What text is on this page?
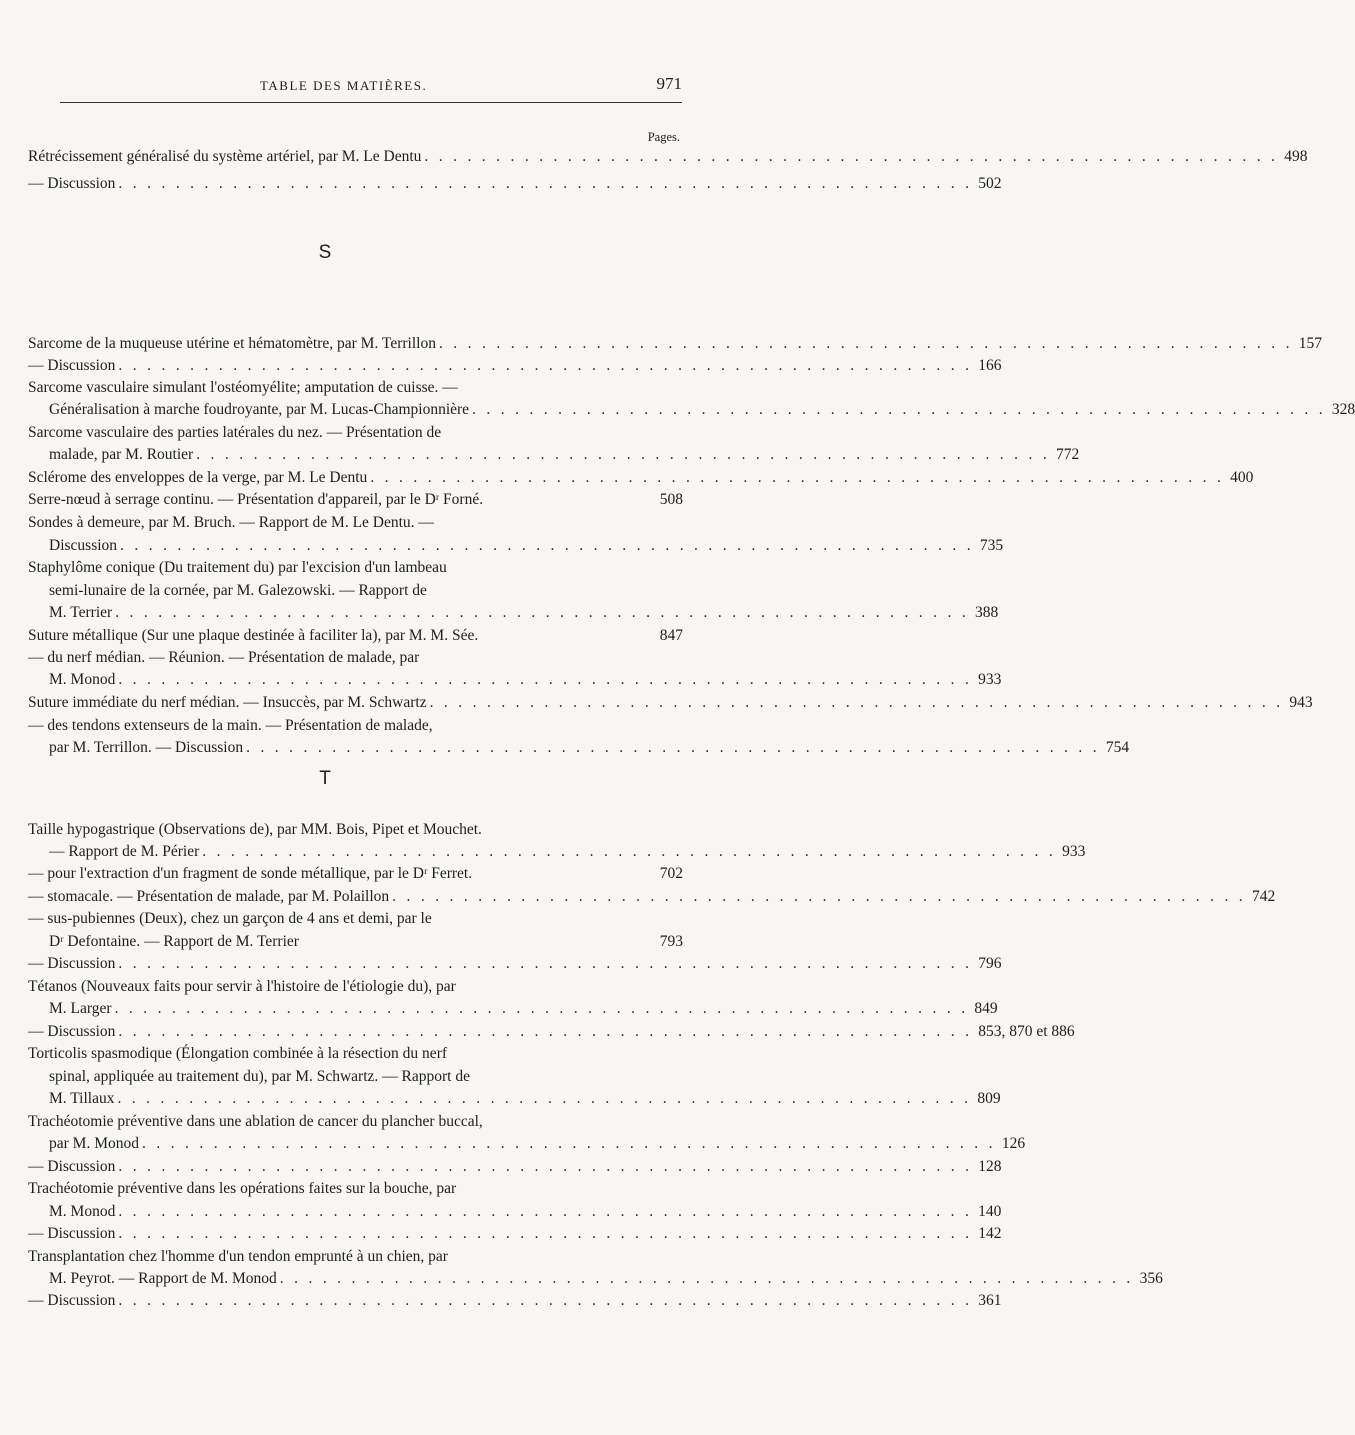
TABLE DES MATIÈRES.	971
Pages.
S
T
Rétrécissement généralisé du système artériel, par M. Le Dentu . . . . . . . . . . . . . . . . . . . . . . . . . . . . . . . . . . . . . . . . . . . . . . . . . . . . . . . . . . . . 498
— Discussion . . . . . . . . . . . . . . . . . . . . . . . . . . . . . . . . . . . . . . . . . . . . . . . . . . . . . . . . . . . . 502
Sarcome de la muqueuse utérine et hématomètre, par M. Terrillon . . . . . . . . . . . . . . . . . . . . . . . . . . . . . . . . . . . . . . . . . . . . . . . . . . . . . . . . . . . . 157
— Discussion . . . . . . . . . . . . . . . . . . . . . . . . . . . . . . . . . . . . . . . . . . . . . . . . . . . . . . . . . . . . 166
Sarcome vasculaire simulant l'ostéomyélite; amputation de cuisse. —
Généralisation à marche foudroyante, par M. Lucas-Championnière . . . . . . . . . . . . . . . . . . . . . . . . . . . . . . . . . . . . . . . . . . . . . . . . . . . . . . . . . . . . 328
Sarcome vasculaire des parties latérales du nez. — Présentation de
malade, par M. Routier . . . . . . . . . . . . . . . . . . . . . . . . . . . . . . . . . . . . . . . . . . . . . . . . . . . . . . . . . . . . 772
Sclérome des enveloppes de la verge, par M. Le Dentu . . . . . . . . . . . . . . . . . . . . . . . . . . . . . . . . . . . . . . . . . . . . . . . . . . . . . . . . . . . . 400
Serre-nœud à serrage continu. — Présentation d'appareil, par le Dʳ Forné.	508
Sondes à demeure, par M. Bruch. — Rapport de M. Le Dentu. —
Discussion . . . . . . . . . . . . . . . . . . . . . . . . . . . . . . . . . . . . . . . . . . . . . . . . . . . . . . . . . . . . 735
Staphylôme conique (Du traitement du) par l'excision d'un lambeau
semi-lunaire de la cornée, par M. Galezowski. — Rapport de
M. Terrier . . . . . . . . . . . . . . . . . . . . . . . . . . . . . . . . . . . . . . . . . . . . . . . . . . . . . . . . . . . . 388
Suture métallique (Sur une plaque destinée à faciliter la), par M. M. Sée.	847
— du nerf médian. — Réunion. — Présentation de malade, par
M. Monod . . . . . . . . . . . . . . . . . . . . . . . . . . . . . . . . . . . . . . . . . . . . . . . . . . . . . . . . . . . . 933
Suture immédiate du nerf médian. — Insuccès, par M. Schwartz . . . . . . . . . . . . . . . . . . . . . . . . . . . . . . . . . . . . . . . . . . . . . . . . . . . . . . . . . . . . 943
— des tendons extenseurs de la main. — Présentation de malade,
par M. Terrillon. — Discussion . . . . . . . . . . . . . . . . . . . . . . . . . . . . . . . . . . . . . . . . . . . . . . . . . . . . . . . . . . . . 754
Taille hypogastrique (Observations de), par MM. Bois, Pipet et Mouchet.
— Rapport de M. Périer . . . . . . . . . . . . . . . . . . . . . . . . . . . . . . . . . . . . . . . . . . . . . . . . . . . . . . . . . . . . 933
— pour l'extraction d'un fragment de sonde métallique, par le Dʳ Ferret.	702
— stomacale. — Présentation de malade, par M. Polaillon . . . . . . . . . . . . . . . . . . . . . . . . . . . . . . . . . . . . . . . . . . . . . . . . . . . . . . . . . . . . 742
— sus-pubiennes (Deux), chez un garçon de 4 ans et demi, par le
Dʳ Defontaine. — Rapport de M. Terrier	793
— Discussion . . . . . . . . . . . . . . . . . . . . . . . . . . . . . . . . . . . . . . . . . . . . . . . . . . . . . . . . . . . . 796
Tétanos (Nouveaux faits pour servir à l'histoire de l'étiologie du), par
M. Larger . . . . . . . . . . . . . . . . . . . . . . . . . . . . . . . . . . . . . . . . . . . . . . . . . . . . . . . . . . . . 849
— Discussion . . . . . . . . . . . . . . . . . . . . . . . . . . . . . . . . . . . . . . . . . . . . . . . . . . . . . . . . . . . . 853, 870 et 886
Torticolis spasmodique (Élongation combinée à la résection du nerf
spinal, appliquée au traitement du), par M. Schwartz. — Rapport de
M. Tillaux . . . . . . . . . . . . . . . . . . . . . . . . . . . . . . . . . . . . . . . . . . . . . . . . . . . . . . . . . . . . 809
Trachéotomie préventive dans une ablation de cancer du plancher buccal,
par M. Monod . . . . . . . . . . . . . . . . . . . . . . . . . . . . . . . . . . . . . . . . . . . . . . . . . . . . . . . . . . . . 126
— Discussion . . . . . . . . . . . . . . . . . . . . . . . . . . . . . . . . . . . . . . . . . . . . . . . . . . . . . . . . . . . . 128
Trachéotomie préventive dans les opérations faites sur la bouche, par
M. Monod . . . . . . . . . . . . . . . . . . . . . . . . . . . . . . . . . . . . . . . . . . . . . . . . . . . . . . . . . . . . 140
— Discussion . . . . . . . . . . . . . . . . . . . . . . . . . . . . . . . . . . . . . . . . . . . . . . . . . . . . . . . . . . . . 142
Transplantation chez l'homme d'un tendon emprunté à un chien, par
M. Peyrot. — Rapport de M. Monod . . . . . . . . . . . . . . . . . . . . . . . . . . . . . . . . . . . . . . . . . . . . . . . . . . . . . . . . . . . . 356
— Discussion . . . . . . . . . . . . . . . . . . . . . . . . . . . . . . . . . . . . . . . . . . . . . . . . . . . . . . . . . . . . 361
